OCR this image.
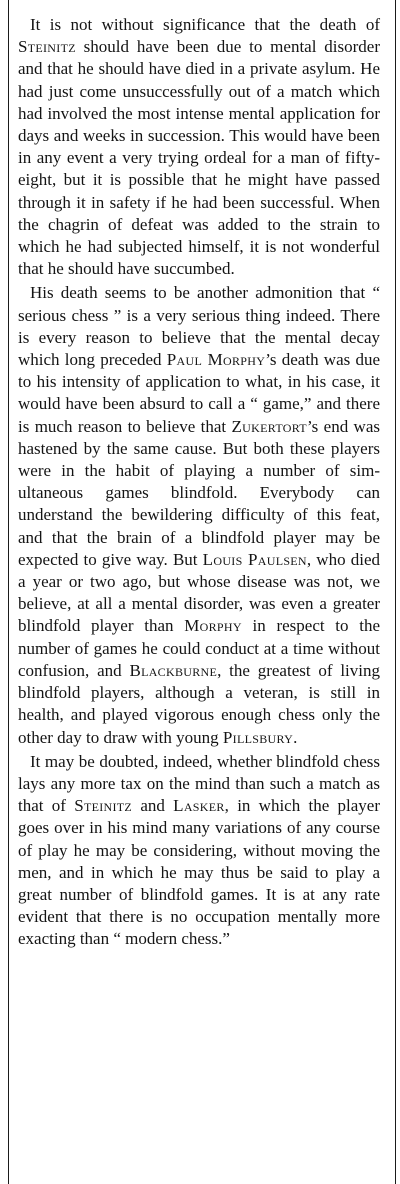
It is not without significance that the death of Steinitz should have been due to mental disorder and that he should have died in a private asylum. He had just come unsuccessfully out of a match which had involved the most intense mental application for days and weeks in succession. This would have been in any event a very trying ordeal for a man of fifty-eight, but it is possible that he might have passed through it in safety if he had been successful. When the chagrin of defeat was added to the strain to which he had subjected himself, it is not wonderful that he should have succumbed.

His death seems to be another admonition that “ serious chess ” is a very serious thing indeed. There is every reason to believe that the mental decay which long preceded Paul Morphy’s death was due to his intensity of application to what, in his case, it would have been absurd to call a “ game,” and there is much reason to believe that Zukertort’s end was hastened by the same cause. But both these players were in the habit of playing a number of simultaneous games blindfold. Everybody can understand the bewildering difficulty of this feat, and that the brain of a blindfold player may be expected to give way. But Louis Paulsen, who died a year or two ago, but whose disease was not, we believe, at all a mental disorder, was even a greater blindfold player than Morphy in respect to the number of games he could conduct at a time without confusion, and Blackburne, the greatest of living blindfold players, although a veteran, is still in health, and played vigorous enough chess only the other day to draw with young Pillsbury.

It may be doubted, indeed, whether blindfold chess lays any more tax on the mind than such a match as that of Steinitz and Lasker, in which the player goes over in his mind many variations of any course of play he may be considering, without moving the men, and in which he may thus be said to play a great number of blindfold games. It is at any rate evident that there is no occupation mentally more exacting than “ modern chess.”
